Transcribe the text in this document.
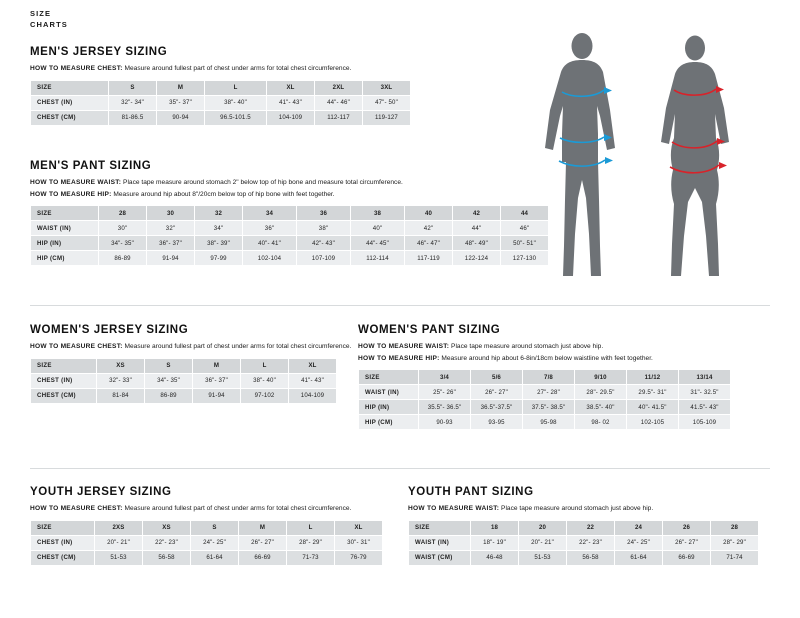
SIZE
CHARTS
MEN'S JERSEY SIZING
HOW TO MEASURE CHEST: Measure around fullest part of chest under arms for total chest circumference.
SIZE	S	M	L	XL	2XL	3XL
CHEST (IN)	32"- 34"	35"- 37"	38"- 40"	41"- 43"	44"- 46"	47"- 50"
CHEST (CM)	81-86.5	90-94	96.5-101.5	104-109	112-117	119-127
MEN'S PANT SIZING
HOW TO MEASURE WAIST: Place tape measure around stomach 2" below top of hip bone and measure total circumference.
HOW TO MEASURE HIP: Measure around hip about 8"/20cm below top of hip bone with feet together.
SIZE	28	30	32	34	36	38	40	42	44
WAIST (IN)	30"	32"	34"	36"	38"	40"	42"	44"	46"
HIP (IN)	34"- 35"	36"- 37"	38"- 39"	40"- 41"	42"- 43"	44"- 45"	46"- 47"	48"- 49"	50"- 51"
HIP (CM)	86-89	91-94	97-99	102-104	107-109	112-114	117-119	122-124	127-130
WOMEN'S JERSEY SIZING
HOW TO MEASURE CHEST: Measure around fullest part of chest under arms for total chest circumference.
SIZE	XS	S	M	L	XL
CHEST (IN)	32"- 33"	34"- 35"	36"- 37"	38"- 40"	41"- 43"
CHEST (CM)	81-84	86-89	91-94	97-102	104-109
WOMEN'S PANT SIZING
HOW TO MEASURE WAIST: Place tape measure around stomach just above hip.
HOW TO MEASURE HIP: Measure around hip about 6-8in/18cm below waistline with feet together.
SIZE	3/4	5/6	7/8	9/10	11/12	13/14
WAIST (IN)	25"- 26"	26"- 27"	27"- 28"	28"- 29.5"	29.5"- 31"	31"- 32.5"
HIP (IN)	35.5"- 36.5"	36.5"-37.5"	37.5"- 38.5"	38.5"- 40"	40"- 41.5"	41.5"- 43"
HIP (CM)	90-93	93-95	95-98	98- 02	102-105	105-109
YOUTH JERSEY SIZING
HOW TO MEASURE CHEST: Measure around fullest part of chest under arms for total chest circumference.
SIZE	2XS	XS	S	M	L	XL
CHEST (IN)	20"- 21"	22"- 23"	24"- 25"	26"- 27"	28"- 29"	30"- 31"
CHEST (CM)	51-53	56-58	61-64	66-69	71-73	76-79
YOUTH PANT SIZING
HOW TO MEASURE WAIST: Place tape measure around stomach just above hip.
SIZE	18	20	22	24	26	28
WAIST (IN)	18"- 19"	20"- 21"	22"- 23"	24"- 25"	26"- 27"	28"- 29"
WAIST (CM)	46-48	51-53	56-58	61-64	66-69	71-74
